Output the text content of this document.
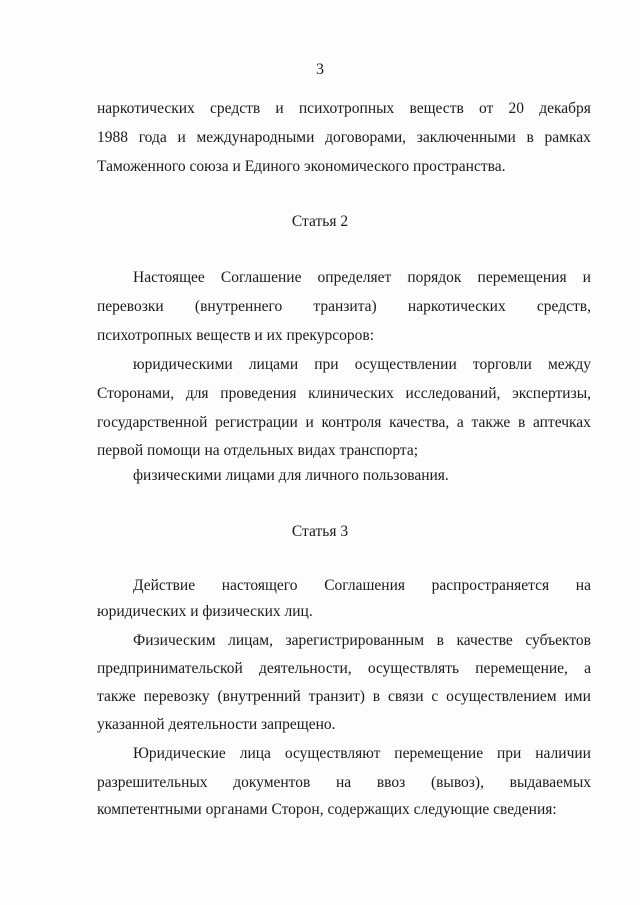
3
наркотических средств и психотропных веществ от 20 декабря
1988 года и международными договорами, заключенными в рамках
Таможенного союза и Единого экономического пространства.
Статья 2
Настоящее Соглашение определяет порядок перемещения и
перевозки (внутреннего транзита) наркотических средств,
психотропных веществ и их прекурсоров:
юридическими лицами при осуществлении торговли между
Сторонами, для проведения клинических исследований, экспертизы,
государственной регистрации и контроля качества, а также в аптечках
первой помощи на отдельных видах транспорта;
физическими лицами для личного пользования.
Статья 3
Действие настоящего Соглашения распространяется на
юридических и физических лиц.
Физическим лицам, зарегистрированным в качестве субъектов
предпринимательской деятельности, осуществлять перемещение, а
также перевозку (внутренний транзит) в связи с осуществлением ими
указанной деятельности запрещено.
Юридические лица осуществляют перемещение при наличии
разрешительных документов на ввоз (вывоз), выдаваемых
компетентными органами Сторон, содержащих следующие сведения:
